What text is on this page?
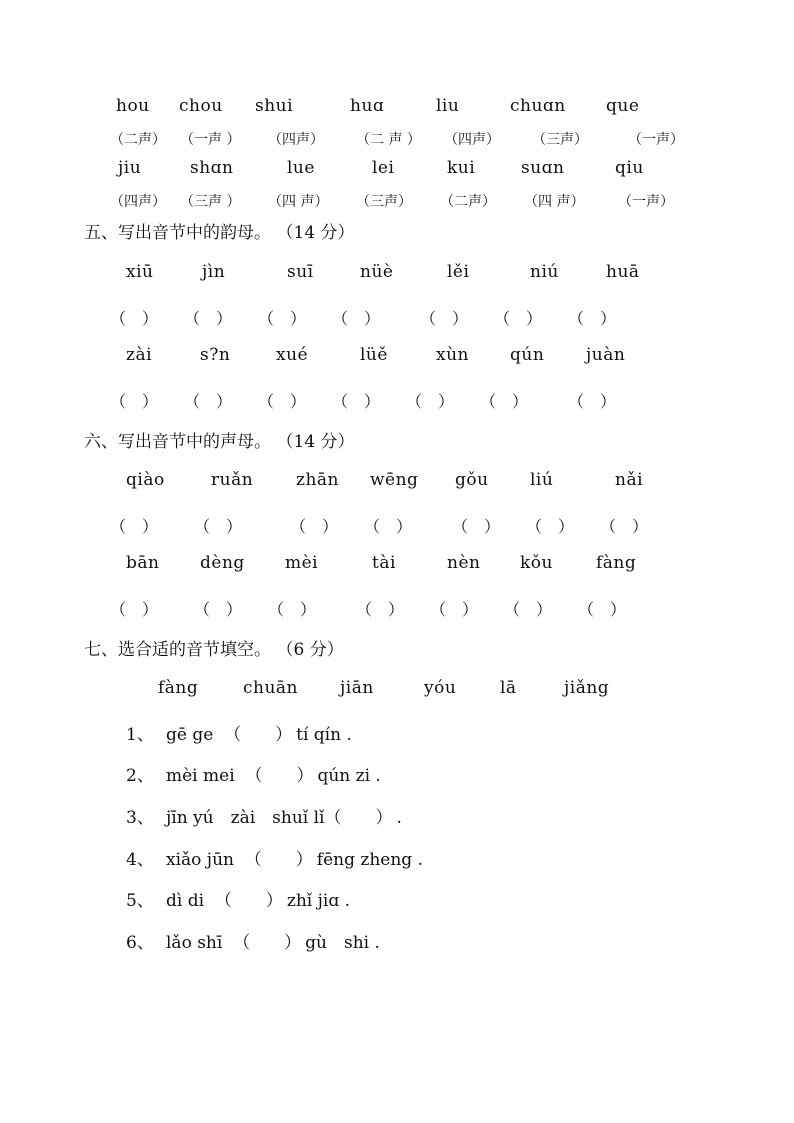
hou chou shui	huɑ	liu	chuɑn que
（二声） （一声 ） （四声） （二 声 ） （四声） （三声）	（一声）
jiu	shɑn	lue	lei	kui	suɑn	qiu
（四声） （三声 ） （四 声） （三声） （二声） （四 声） （一声）
五、写出音节中的韵母。 （14 分）
xiū	jìn	suī	nüè	lěi	niú	huā
（　） （　） （　） （　） （　） （　） （　）
zài	s?n	xué	lüě	xùn qún juàn
（　） （　） （　） （　） （　） （　） （　）
六、写出音节中的声母。 （14 分）
qiào	ruǎn	zhān wēng gǒu liú	nǎi
（　） （　）	（　） （　） （　） （　） （　）
bān dèng mèi	tài	nèn kǒu	fàng
（　） （　） （　） （　） （　） （　） （　）
七、选合适的音节填空。 （6 分）
fàng	chuān jiān	yóu	lā	jiǎng
1、 gē ge （　　） tí qín .
2、 mèi mei （　　） qún zi .
3、 jīn yú　zài　shuǐ lǐ（　　） .
4、 xiǎo jūn （　　） fēng zheng .
5、 dì di （　　） zhǐ jiɑ .
6、 lǎo shī （　　） gù　shi .
